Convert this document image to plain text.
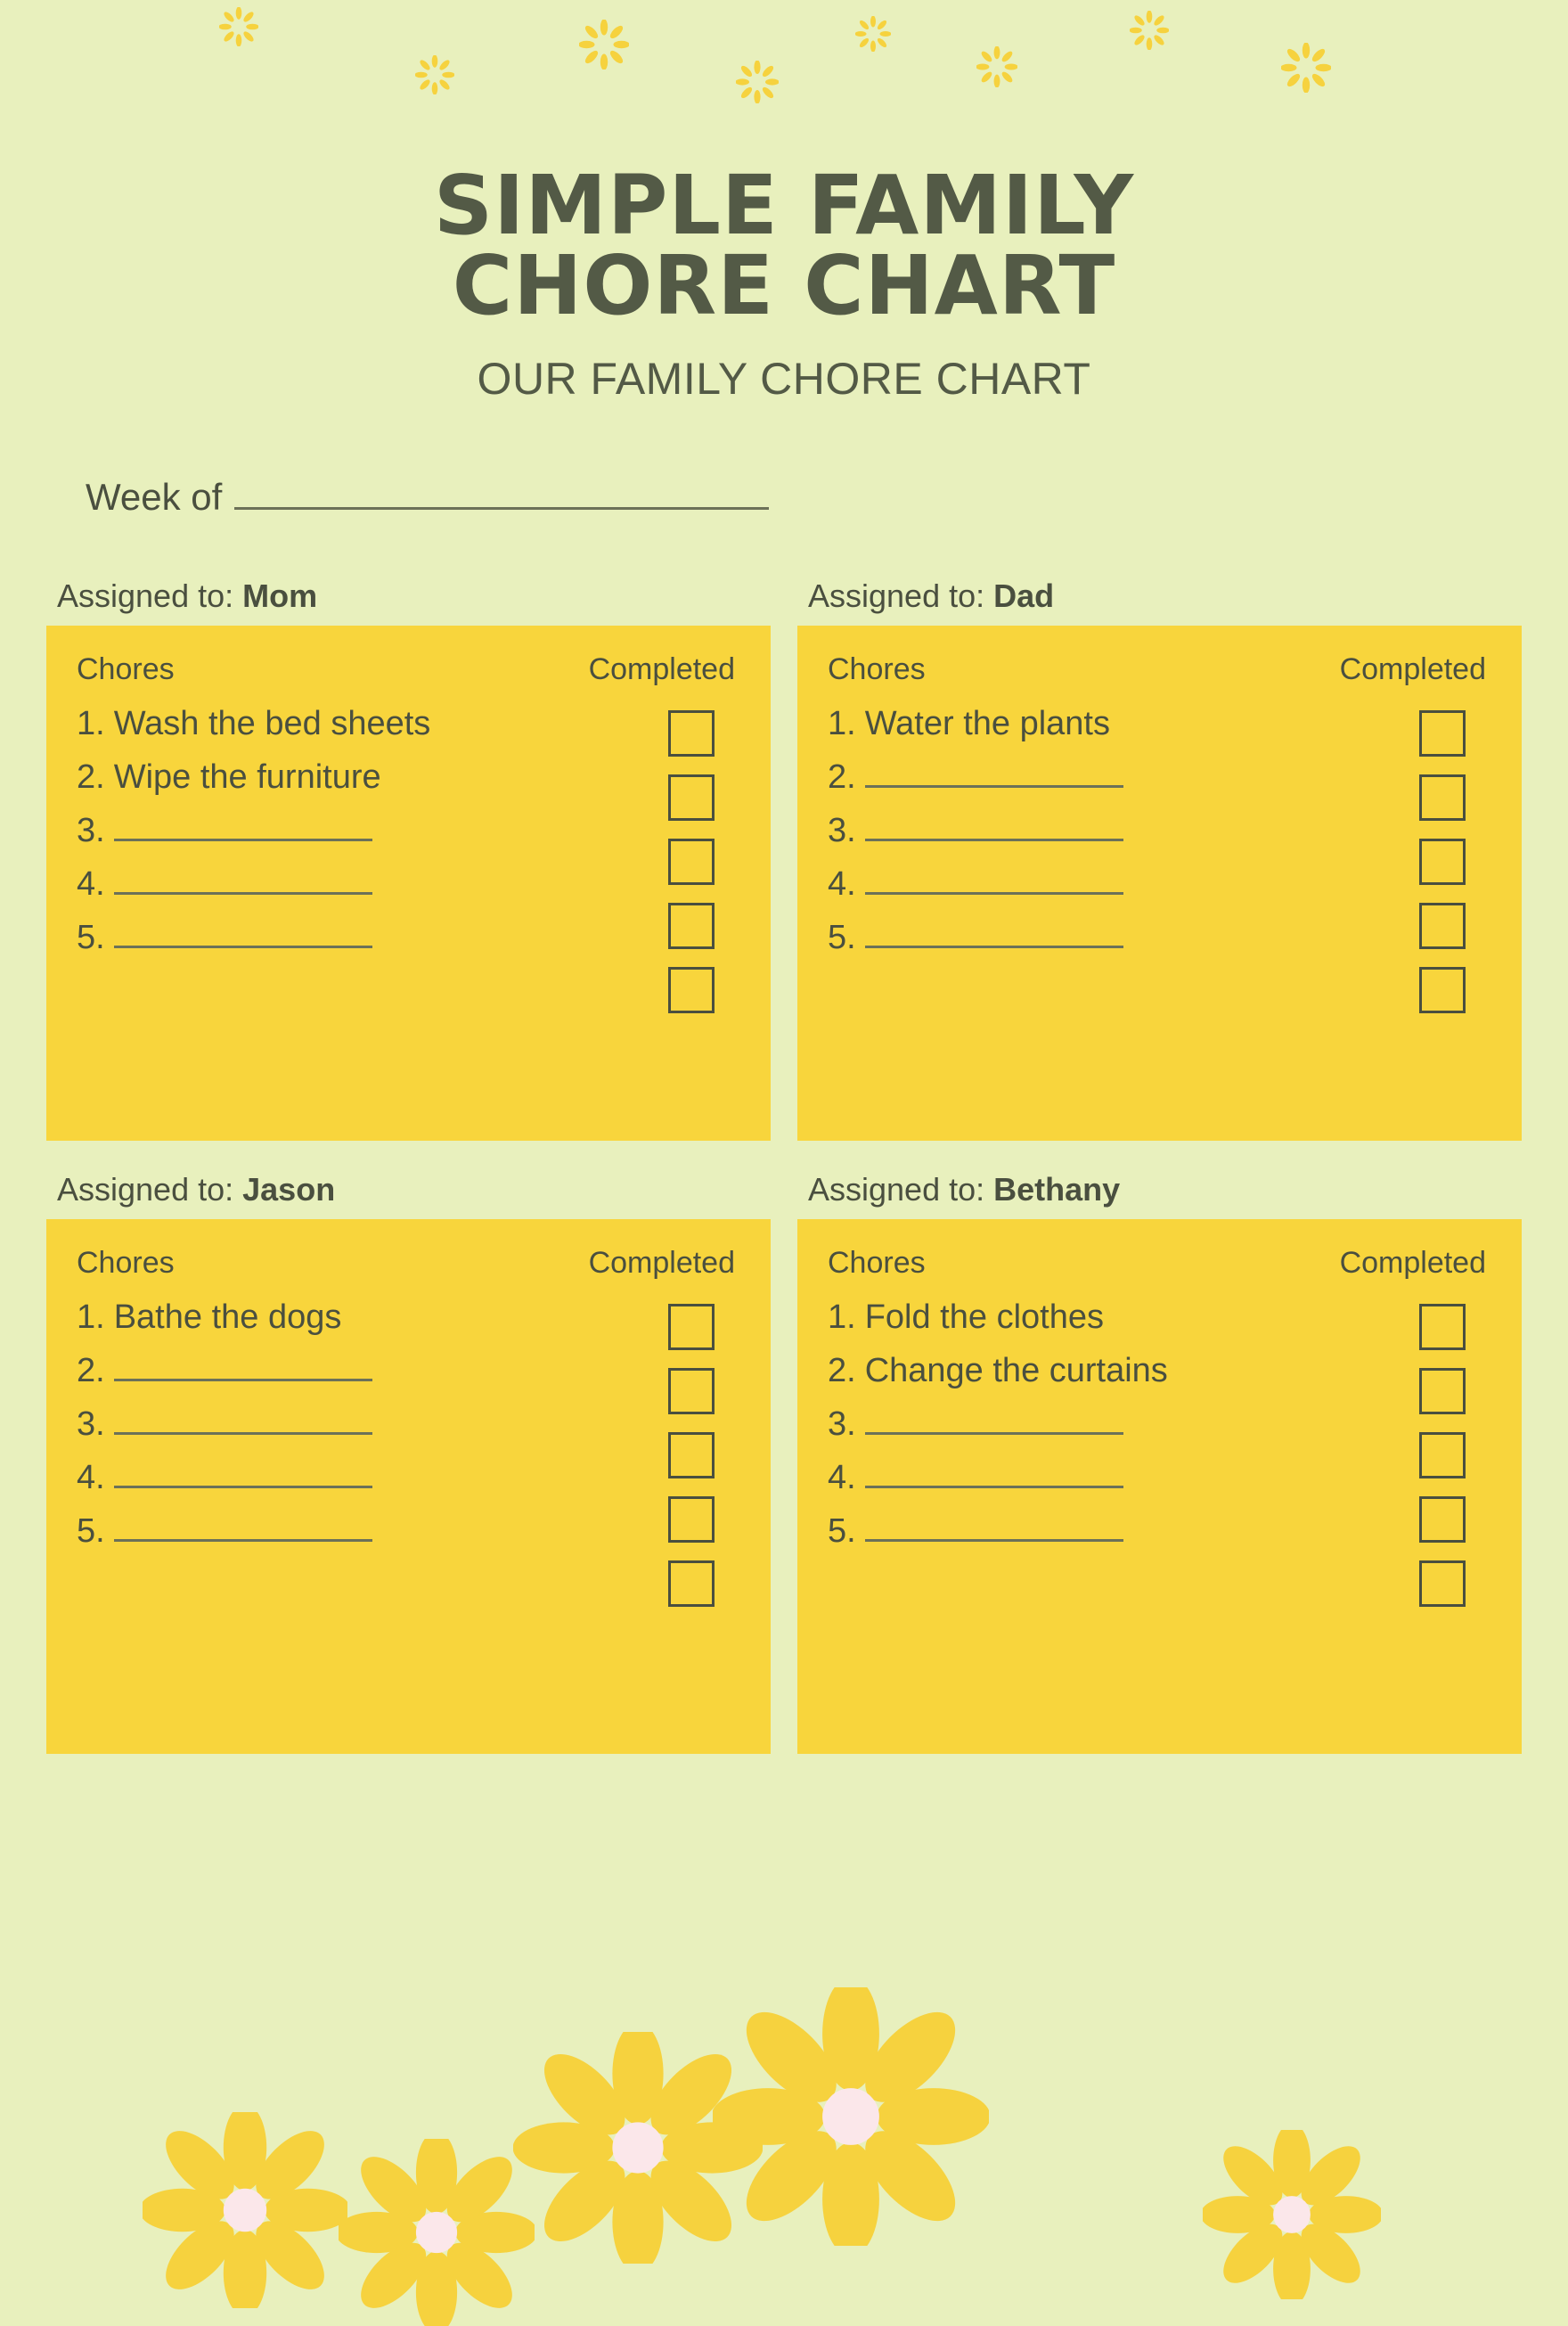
SIMPLE FAMILY CHORE CHART
OUR FAMILY CHORE CHART
Week of
Assigned to: Mom
Chores	Completed
1. Wash the bed sheets
2. Wipe the furniture
3.
4.
5.
Assigned to: Dad
Chores	Completed
1. Water the plants
2.
3.
4.
5.
Assigned to: Jason
Chores	Completed
1. Bathe the dogs
2.
3.
4.
5.
Assigned to: Bethany
Chores	Completed
1. Fold the clothes
2. Change the curtains
3.
4.
5.
